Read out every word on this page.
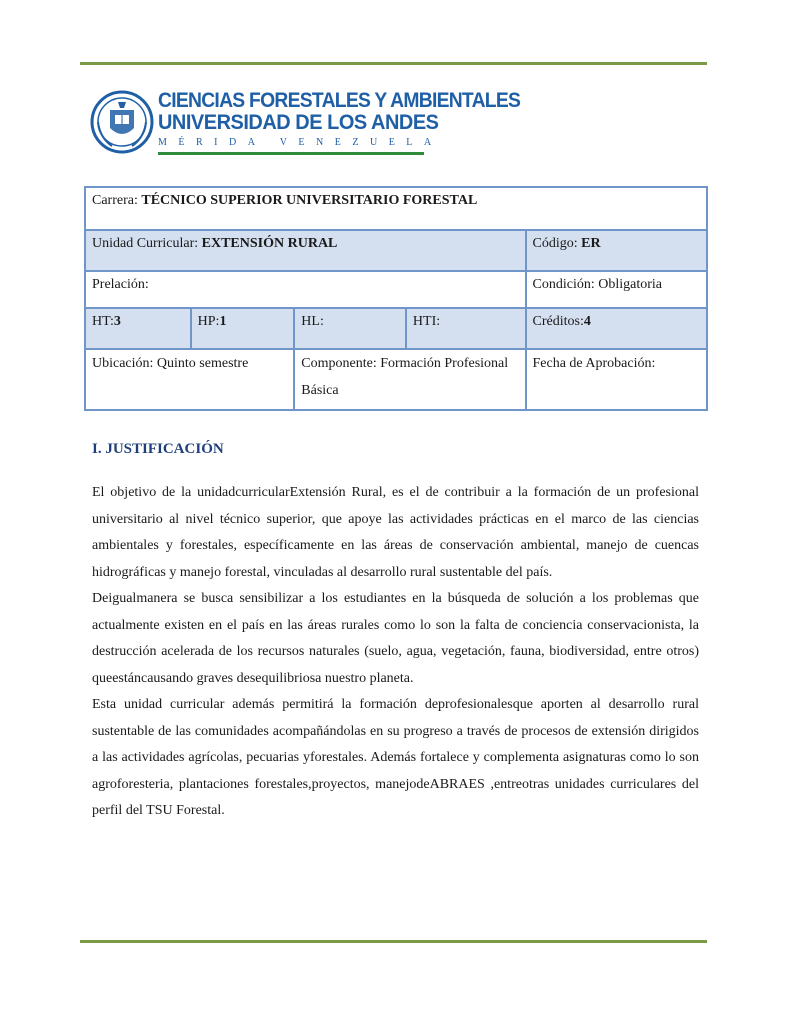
CIENCIAS FORESTALES Y AMBIENTALES
UNIVERSIDAD DE LOS ANDES
MÉRIDA VENEZUELA
Carrera: TÉCNICO SUPERIOR UNIVERSITARIO FORESTAL				
Unidad Curricular: EXTENSIÓN RURAL				Código: ER
Prelación:				Condición: Obligatoria
HT:3	HP:1	HL:	HTI:	Créditos:4
Ubicación: Quinto semestre		Componente: Formación Profesional Básica		Fecha de Aprobación:
I. JUSTIFICACIÓN

El objetivo de la unidadcurricularExtensión Rural, es el de contribuir a la formación de un profesional universitario al nivel técnico superior, que apoye las actividades prácticas en el marco de las ciencias ambientales y forestales, específicamente en las áreas de conservación ambiental, manejo de cuencas hidrográficas y manejo forestal, vinculadas al desarrollo rural sustentable del país.

Deigualmanera se busca sensibilizar a los estudiantes en la búsqueda de solución a los problemas que actualmente existen en el país en las áreas rurales como lo son la falta de conciencia conservacionista, la destrucción acelerada de los recursos naturales (suelo, agua, vegetación, fauna, biodiversidad, entre otros) queestáncausando graves desequilibriosa nuestro planeta.

Esta unidad curricular además permitirá la formación deprofesionalesque aporten al desarrollo rural sustentable de las comunidades acompañándolas en su progreso a través de procesos de extensión dirigidos a las actividades agrícolas, pecuarias yforestales. Además fortalece y complementa asignaturas como lo son agroforesteria, plantaciones forestales,proyectos, manejodeABRAES ,entreotras unidades curriculares del perfil del TSU Forestal.
